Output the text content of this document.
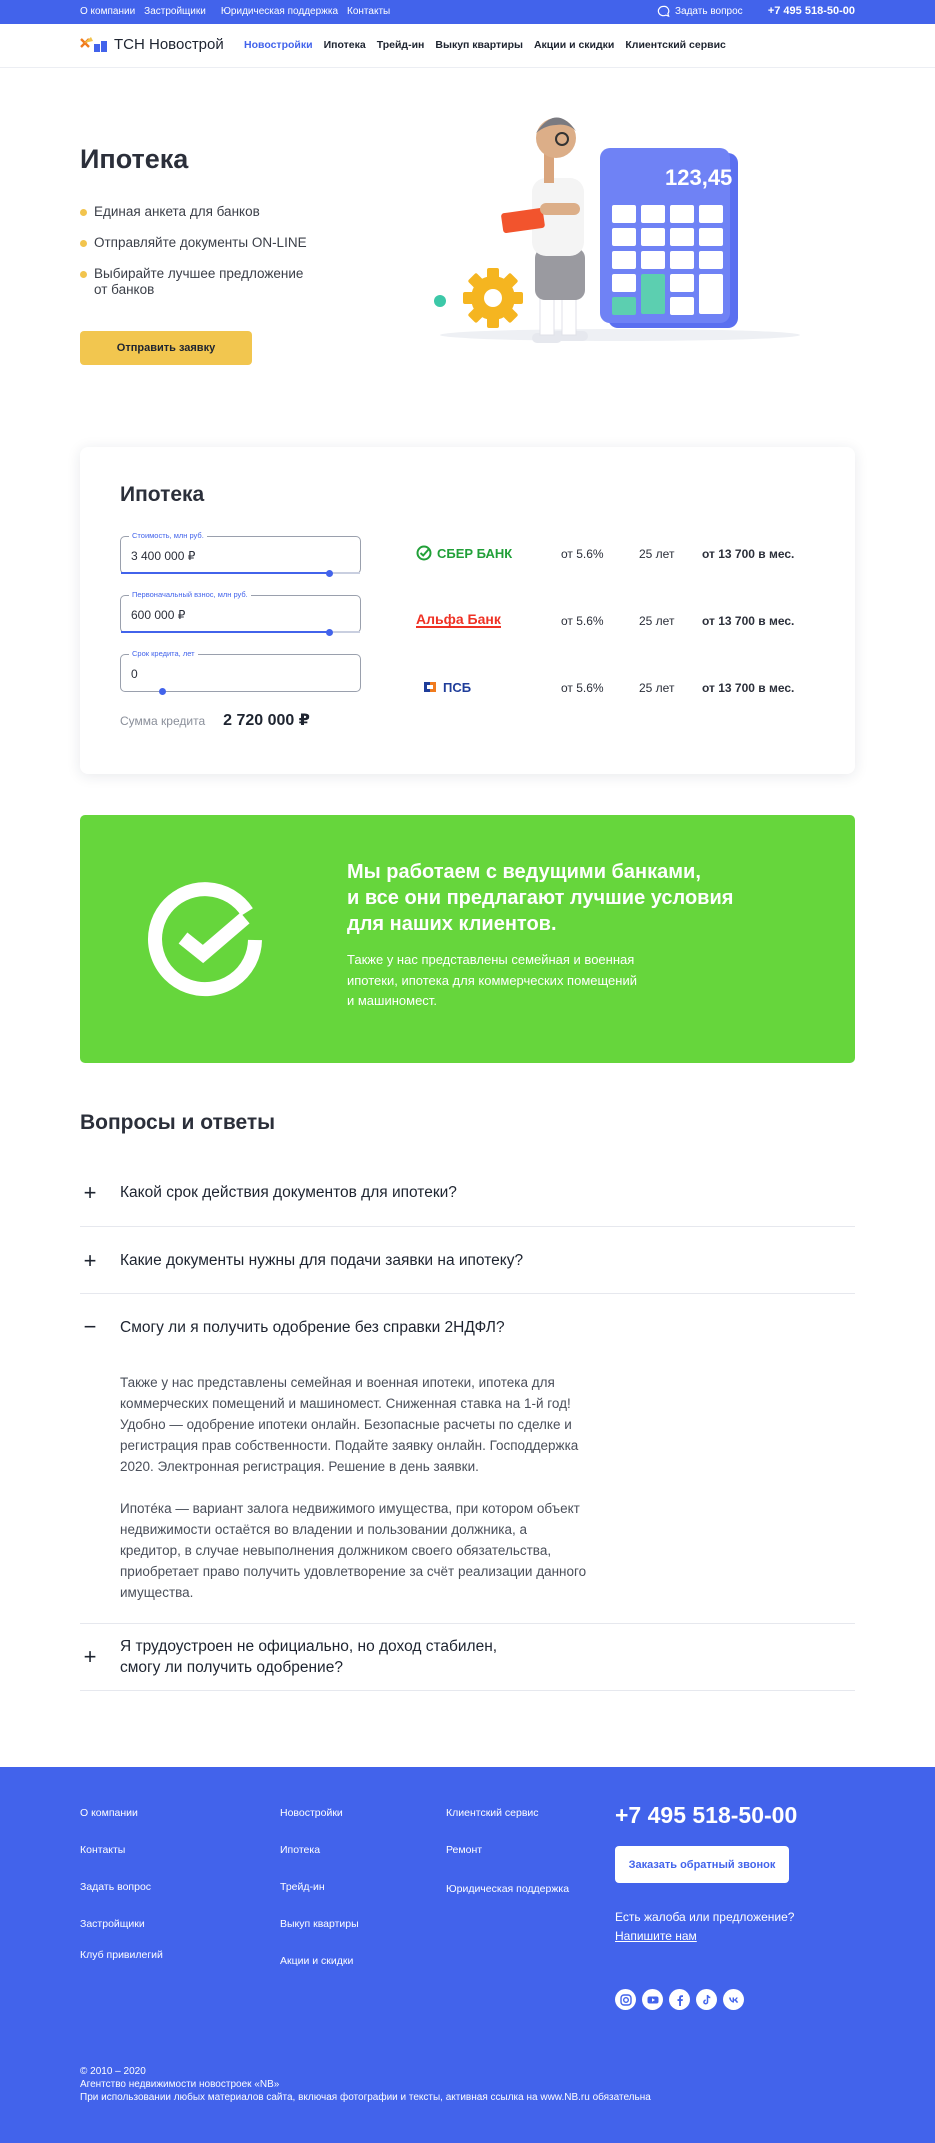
О компании Застройщики Юридическая поддержка Контакты	Задать вопрос +7 495 518-50-00
ТСН Новострой Новостройки Ипотека Трейд-ин Выкуп квартиры Акции и скидки Клиентский сервис
Ипотека
Единая анкета для банков
Отправляйте документы ON-LINE
Выбирайте лучшее предложение от банков
Отправить заявку
123,45
Ипотека
Стоимость, млн руб.
3 400 000 ₽
Первоначальный взнос, млн руб.
600 000 ₽
Срок кредита, лет
0
Сумма кредита 2 720 000 ₽
СБЕР БАНК	от 5.6%	25 лет от 13 700 в мес.
Альфа Банк	от 5.6%	25 лет от 13 700 в мес.
ПСБ	от 5.6%	25 лет от 13 700 в мес.
Мы работаем с ведущими банками,
и все они предлагают лучшие условия
для наших клиентов.

Также у нас представлены семейная и военная
ипотеки, ипотека для коммерческих помещений
и машиномест.

Вопросы и ответы
+ Какой срок действия документов для ипотеки?
+ Какие документы нужны для подачи заявки на ипотеку?
− Смогу ли я получить одобрение без справки 2НДФЛ?

Также у нас представлены семейная и военная ипотеки, ипотека для коммерческих помещений и машиномест. Сниженная ставка на 1-й год! Удобно — одобрение ипотеки онлайн. Безопасные расчеты по сделке и регистрация прав собственности. Подайте заявку онлайн. Господдержка 2020. Электронная регистрация. Решение в день заявки.

Ипотéка — вариант залога недвижимого имущества, при котором объект недвижимости остаётся во владении и пользовании должника, а кредитор, в случае невыполнения должником своего обязательства, приобретает право получить удовлетворение за счёт реализации данного имущества.

+ Я трудоустроен не официально, но доход стабилен,
смогу ли получить одобрение?
О компании
Контакты
Задать вопрос
Застройщики
Клуб привилегий
Новостройки
Ипотека
Трейд-ин
Выкуп квартиры
Акции и скидки
Клиентский сервис
Ремонт
Юридическая поддержка
+7 495 518-50-00
Заказать обратный звонок
Есть жалоба или предложение?
Напишите нам
© 2010 – 2020
Агентство недвижимости новостроек «NB»
При использовании любых материалов сайта, включая фотографии и тексты, активная ссылка на www.NB.ru обязательна
